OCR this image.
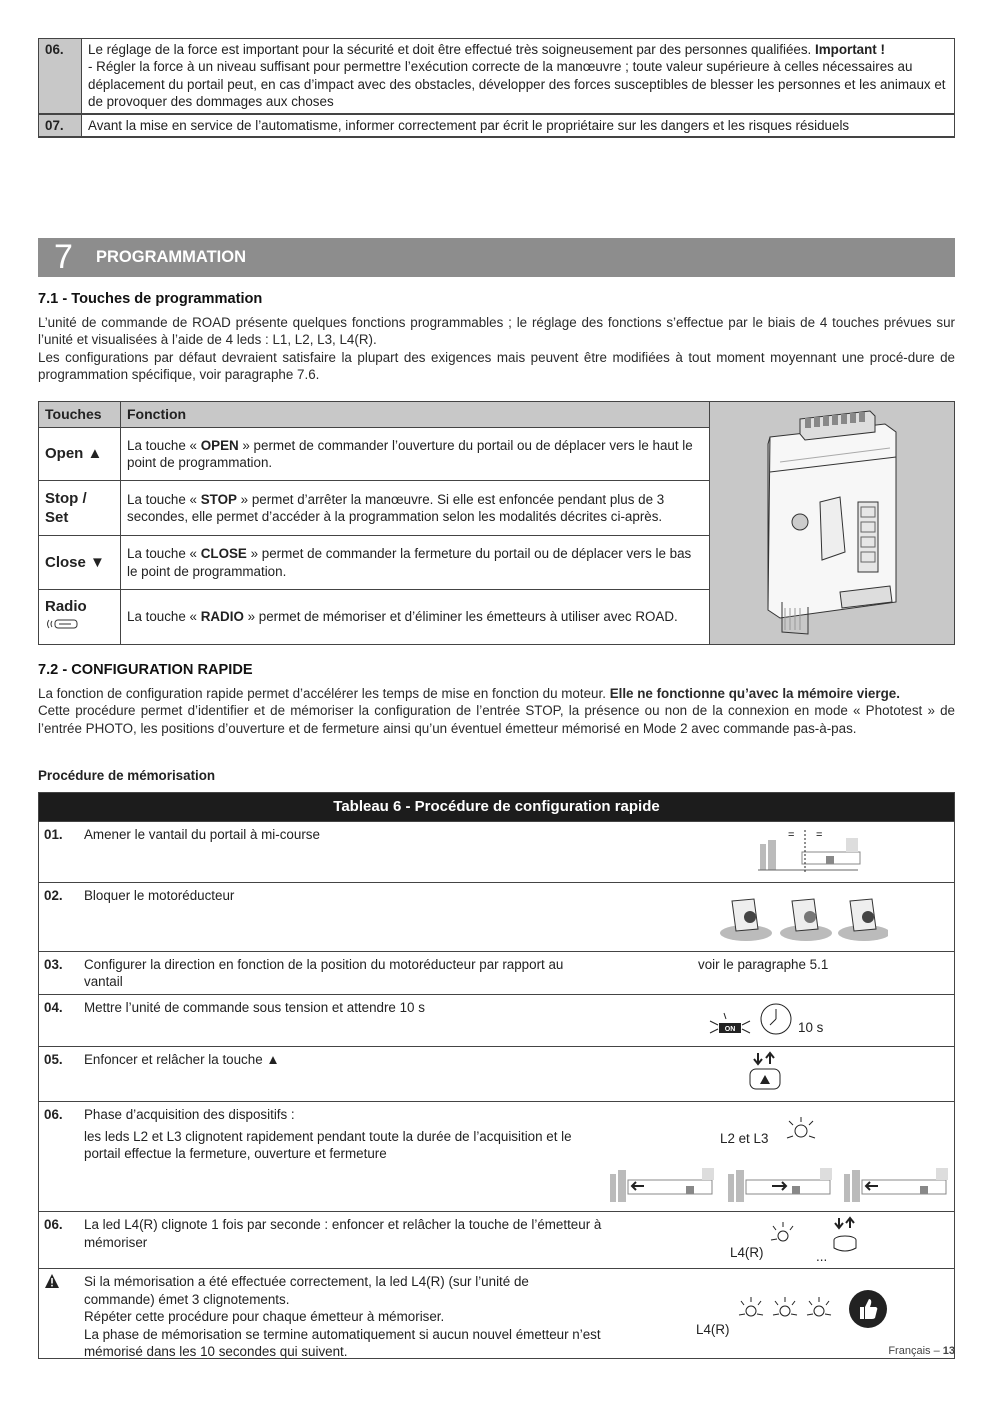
06.	Le réglage de la force est important pour la sécurité et doit être effectué très soigneusement par des personnes qualifiées. Important !
- Régler la force à un niveau suffisant pour permettre l’exécution correcte de la manœuvre ; toute valeur supérieure à celles nécessaires au déplacement du portail peut, en cas d’impact avec des obstacles, développer des forces susceptibles de blesser les personnes et les animaux et de provoquer des dommages aux choses
07.	Avant la mise en service de l’automatisme, informer correctement par écrit le propriétaire sur les dangers et les risques résiduels
7 PROGRAMMATION
7.1 - Touches de programmation
L’unité de commande de ROAD présente quelques fonctions programmables ; le réglage des fonctions s’effectue par le biais de 4 touches prévues sur l’unité et visualisées à l’aide de 4 leds : L1, L2, L3, L4(R).
Les configurations par défaut devraient satisfaire la plupart des exigences mais peuvent être modifiées à tout moment moyennant une procé-dure de programmation spécifique, voir paragraphe 7.6.
Touches	Fonction	
Open ▲	La touche « OPEN » permet de commander l’ouverture du portail ou de déplacer vers le haut le point de programmation.	
Stop / Set	La touche « STOP » permet d’arrêter la manœuvre. Si elle est enfoncée pendant plus de 3 secondes, elle permet d’accéder à la programmation selon les modalités décrites ci-après.	
Close ▼	La touche « CLOSE » permet de commander la fermeture du portail ou de déplacer vers le bas le point de programmation.	

Radio	La touche « RADIO » permet de mémoriser et d’éliminer les émetteurs à utiliser avec ROAD.	
7.2 - CONFIGURATION RAPIDE
La fonction de configuration rapide permet d’accélérer les temps de mise en fonction du moteur. Elle ne fonctionne qu’avec la mémoire vierge.
Cette procédure permet d’identifier et de mémoriser la configuration de l’entrée STOP, la présence ou non de la connexion en mode « Phototest » de l’entrée PHOTO, les positions d’ouverture et de fermeture ainsi qu’un éventuel émetteur mémorisé en Mode 2 avec commande pas-à-pas.
Procédure de mémorisation
Tableau 6 - Procédure de configuration rapide		
01.	Amener le vantail du portail à mi-course	= =

02.	Bloquer le motoréducteur	

03.	Configurer la direction en fonction de la position du motoréducteur par rapport au vantail	voir le paragraphe 5.1

04.	Mettre l’unité de commande sous tension et attendre 10 s	ON 10 s

05.	Enfoncer et relâcher la touche ▲	

06.	Phase d’acquisition des dispositifs :
les leds L2 et L3 clignotent rapidement pendant toute la durée de l’acquisition et le portail effectue la fermeture, ouverture et fermeture	L2 et L3

06.	La led L4(R) clignote 1 fois par seconde : enfoncer et relâcher la touche de l’émetteur à mémoriser	L4(R) ...

Si la mémorisation a été effectuée correctement, la led L4(R) (sur l’unité de commande) émet 3 clignotements.
Répéter cette procédure pour chaque émetteur à mémoriser.
La phase de mémorisation se termine automatiquement si aucun nouvel émetteur n’est mémorisé dans les 10 secondes qui suivent.	L4(R)
Français – 13
